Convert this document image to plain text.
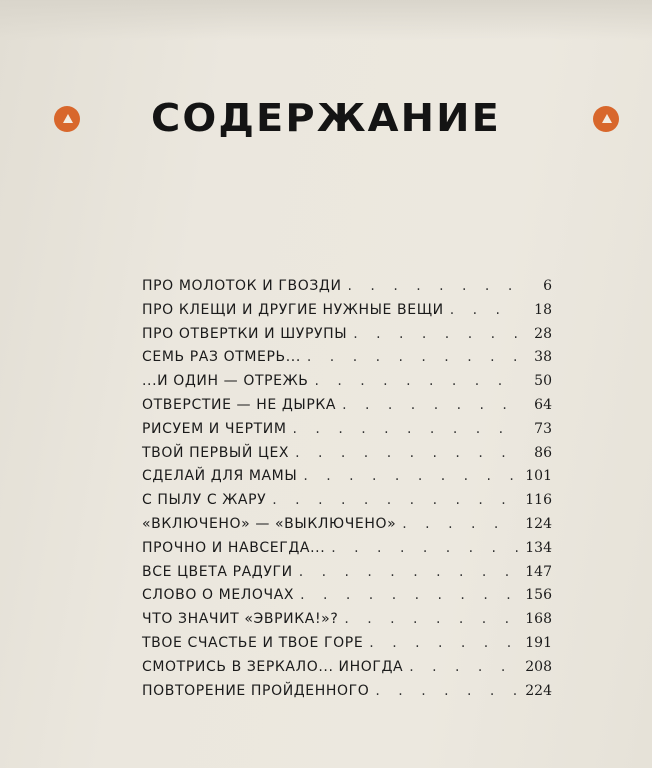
СОДЕРЖАНИЕ
ПРО МОЛОТОК И ГВОЗДИ . . .	6
ПРО КЛЕЩИ И ДРУГИЕ НУЖНЫЕ ВЕЩИ . . .	18
ПРО ОТВЕРТКИ И ШУРУПЫ . . .	28
СЕМЬ РАЗ ОТМЕРЬ... . . .	38
...И ОДИН — ОТРЕЖЬ . . .	50
ОТВЕРСТИЕ — НЕ ДЫРКА . . .	64
РИСУЕМ И ЧЕРТИМ . . .	73
ТВОЙ ПЕРВЫЙ ЦЕХ . . .	86
СДЕЛАЙ ДЛЯ МАМЫ . . .	101
С ПЫЛУ С ЖАРУ . . .	116
«ВКЛЮЧЕНО» — «ВЫКЛЮЧЕНО» . . .	124
ПРОЧНО И НАВСЕГДА... . . .	134
ВСЕ ЦВЕТА РАДУГИ . . .	147
СЛОВО О МЕЛОЧАХ . . .	156
ЧТО ЗНАЧИТ «ЭВРИКА!»? . . .	168
ТВОЕ СЧАСТЬЕ И ТВОЕ ГОРЕ . . .	191
СМОТРИСЬ В ЗЕРКАЛО... ИНОГДА . . .	208
ПОВТОРЕНИЕ ПРОЙДЕННОГО . . .	224
